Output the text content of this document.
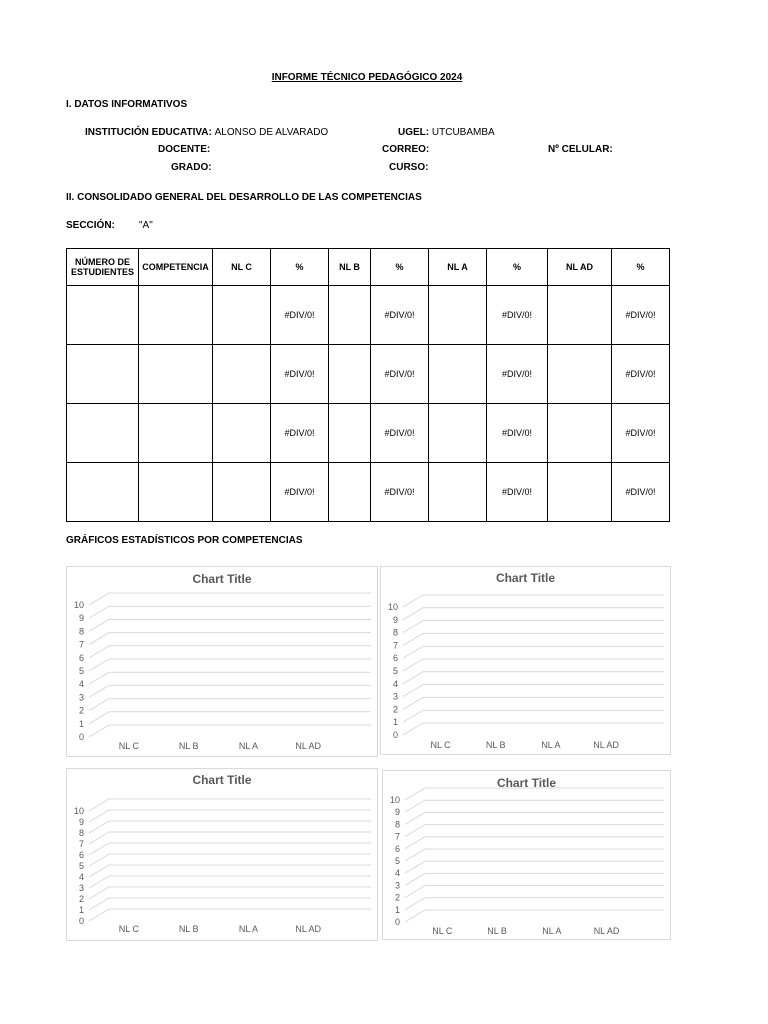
INFORME TÉCNICO PEDAGÓGICO 2024
I. DATOS INFORMATIVOS
INSTITUCIÓN EDUCATIVA: ALONSO DE ALVARADO	UGEL: UTCUBAMBA
DOCENTE:	CORREO:	Nº CELULAR:
GRADO:	CURSO:
II. CONSOLIDADO GENERAL DEL DESARROLLO DE LAS COMPETENCIAS
SECCIÓN: "A"
NÚMERO DE ESTUDIENTES	COMPETENCIA	NL C	%	NL B	%	NL A	%	NL AD	%
			#DIV/0!		#DIV/0!		#DIV/0!		#DIV/0!
			#DIV/0!		#DIV/0!		#DIV/0!		#DIV/0!
			#DIV/0!		#DIV/0!		#DIV/0!		#DIV/0!
			#DIV/0!		#DIV/0!		#DIV/0!		#DIV/0!
GRÁFICOS ESTADÍSTICOS POR COMPETENCIAS
Chart Title
0
1
2
3
4
5
6
7
8
9
10
NL C	NL B	NL A	NL AD
Chart Title
0
1
2
3
4
5
6
7
8
9
10
NL C	NL B	NL A	NL AD
Chart Title
0
1
2
3
4
5
6
7
8
9
10
NL C	NL B	NL A	NL AD
Chart Title
0
1
2
3
4
5
6
7
8
9
10
NL C	NL B	NL A	NL AD
